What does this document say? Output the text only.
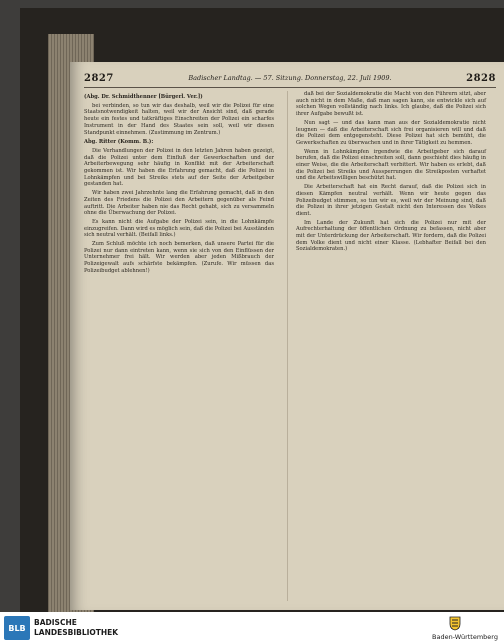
2827	Badischer Landtag. — 57. Sitzung. Donnerstag, 22. Juli 1909.	2828

(Abg. Dr. Schmidthenner [Bürgerl. Ver.])

bei verbinden, so tun wir das deshalb, weil wir die Polizei für eine Staatsnotwendigkeit halten, weil wir der Ansicht sind, daß gerade heute ein festes und tatkräftiges Einschreiten der Polizei ein scharfes Instrument in der Hand des Staates sein soll, weil wir diesen Standpunkt einnehmen. (Zustimmung im Zentrum.)

Abg. Ritter (Komm. B.):

Die Verhandlungen der Polizei in den letzten Jahren haben gezeigt, daß die Polizei unter dem Einfluß der Gewerkschaften und der Arbeiterbewegung sehr häufig in Konflikt mit der Arbeiterschaft gekommen ist. Wir haben die Erfahrung gemacht, daß die Polizei in Lohnkämpfen und bei Streiks stets auf der Seite der Arbeitgeber gestanden hat.

Wir haben zwei Jahrzehnte lang die Erfahrung gemacht, daß in den Zeiten des Friedens die Polizei den Arbeitern gegenüber als Feind auftritt. Die Arbeiter haben nie das Recht gehabt, sich zu versammeln ohne die Überwachung der Polizei.

Es kann nicht die Aufgabe der Polizei sein, in die Lohnkämpfe einzugreifen. Dann wird es möglich sein, daß die Polizei bei Ausständen sich neutral verhält. (Beifall links.)

Zum Schluß möchte ich noch bemerken, daß unsere Partei für die Polizei nur dann eintreten kann, wenn sie sich von den Einflüssen der Unternehmer frei hält. Wir werden aber jeden Mißbrauch der Polizeigewalt aufs schärfste bekämpfen. (Zurufe. Wir müssen das Polizeibudget ablehnen!)

daß bei der Sozialdemokratie die Macht von den Führern sitzt, aber auch nicht in dem Maße, daß man sagen kann, sie entwickle sich auf solchen Wegen vollständig nach links. Ich glaube, daß die Polizei sich ihrer Aufgabe bewußt ist.

Nun sagt — und das kann man aus der Sozialdemokratie nicht leugnen — daß die Arbeiterschaft sich frei organisieren will und daß die Polizei dem entgegensteht. Diese Polizei hat sich bemüht, die Gewerkschaften zu überwachen und in ihrer Tätigkeit zu hemmen.

Wenn in Lohnkämpfen irgendwie die Arbeitgeber sich darauf berufen, daß die Polizei einschreiten soll, dann geschieht dies häufig in einer Weise, die die Arbeiterschaft verbittert. Wir haben es erlebt, daß die Polizei bei Streiks und Aussperrungen die Streikposten verhaftet und die Arbeitswilligen beschützt hat.

Die Arbeiterschaft hat ein Recht darauf, daß die Polizei sich in diesen Kämpfen neutral verhält. Wenn wir heute gegen das Polizeibudget stimmen, so tun wir es, weil wir der Meinung sind, daß die Polizei in ihrer jetzigen Gestalt nicht den Interessen des Volkes dient.

Im Lande der Zukunft hat sich die Polizei nur mit der Aufrechterhaltung der öffentlichen Ordnung zu befassen, nicht aber mit der Unterdrückung der Arbeiterschaft. Wir fordern, daß die Polizei dem Volke dient und nicht einer Klasse. (Lebhafter Beifall bei den Sozialdemokraten.)

BLB
BADISCHE
LANDESBIBLIOTHEK	Baden-Württemberg
